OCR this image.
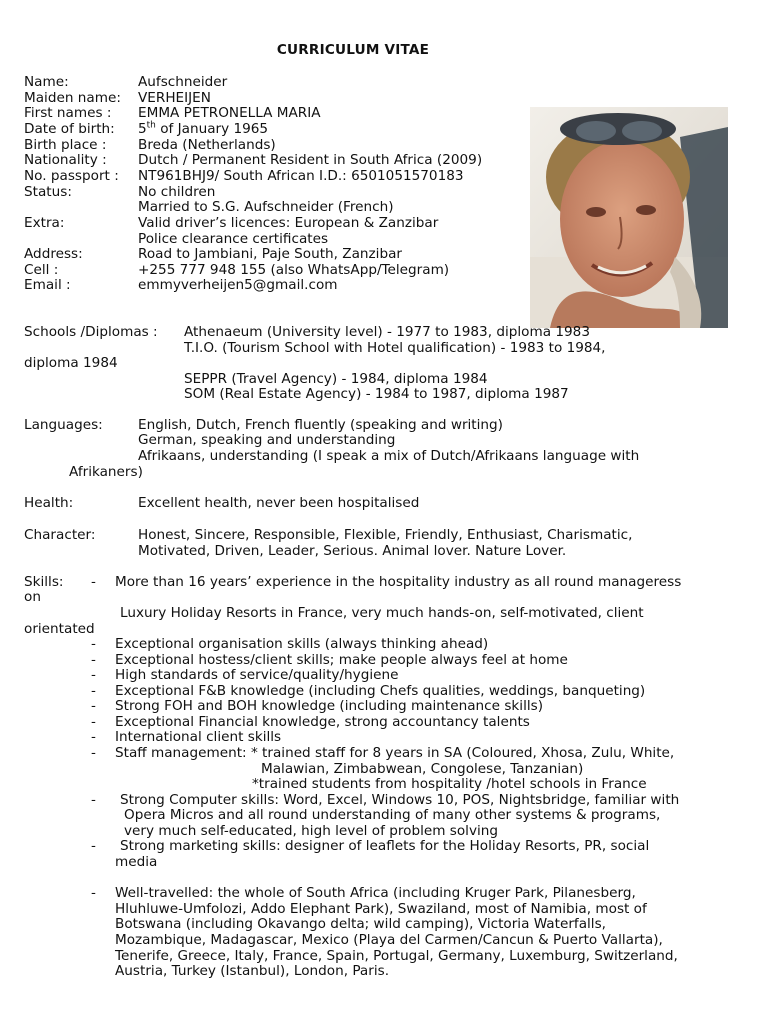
CURRICULUM VITAE
Name:	Aufschneider
Maiden name: VERHEIJEN
First names : EMMA PETRONELLA MARIA
Date of birth: 5th of January 1965
Birth place : Breda (Netherlands)
Nationality : Dutch / Permanent Resident in South Africa (2009)
No. passport : NT961BHJ9/ South African I.D.: 6501051570183
Status:	No children
Married to S.G. Aufschneider (French)
Extra:	Valid driver’s licences: European & Zanzibar
Police clearance certificates
Address:	Road to Jambiani, Paje South, Zanzibar
Cell :	+255 777 948 155 (also WhatsApp/Telegram)
Email :	emmyverheijen5@gmail.com
Schools /Diplomas : Athenaeum (University level) - 1977 to 1983, diploma 1983
T.I.O. (Tourism School with Hotel qualification) - 1983 to 1984,
diploma 1984
SEPPR (Travel Agency) - 1984, diploma 1984
SOM (Real Estate Agency) - 1984 to 1987, diploma 1987
Languages:	English, Dutch, French fluently (speaking and writing)
German, speaking and understanding
Afrikaans, understanding (I speak a mix of Dutch/Afrikaans language with
Afrikaners)
Health:	Excellent health, never been hospitalised
Character:	Honest, Sincere, Responsible, Flexible, Friendly, Enthusiast, Charismatic,
Motivated, Driven, Leader, Serious. Animal lover. Nature Lover.
Skills: - More than 16 years’ experience in the hospitality industry as all round manageress
on
Luxury Holiday Resorts in France, very much hands-on, self-motivated, client
orientated
- Exceptional organisation skills (always thinking ahead)
- Exceptional hostess/client skills; make people always feel at home
- High standards of service/quality/hygiene
- Exceptional F&B knowledge (including Chefs qualities, weddings, banqueting)
- Strong FOH and BOH knowledge (including maintenance skills)
- Exceptional Financial knowledge, strong accountancy talents
- International client skills
- Staff management: * trained staff for 8 years in SA (Coloured, Xhosa, Zulu, White,
Malawian, Zimbabwean, Congolese, Tanzanian)
*trained students from hospitality /hotel schools in France
- Strong Computer skills: Word, Excel, Windows 10, POS, Nightsbridge, familiar with
Opera Micros and all round understanding of many other systems & programs,
very much self-educated, high level of problem solving
- Strong marketing skills: designer of leaflets for the Holiday Resorts, PR, social
media
- Well-travelled: the whole of South Africa (including Kruger Park, Pilanesberg,
Hluhluwe-Umfolozi, Addo Elephant Park), Swaziland, most of Namibia, most of
Botswana (including Okavango delta; wild camping), Victoria Waterfalls,
Mozambique, Madagascar, Mexico (Playa del Carmen/Cancun & Puerto Vallarta),
Tenerife, Greece, Italy, France, Spain, Portugal, Germany, Luxemburg, Switzerland,
Austria, Turkey (Istanbul), London, Paris.
